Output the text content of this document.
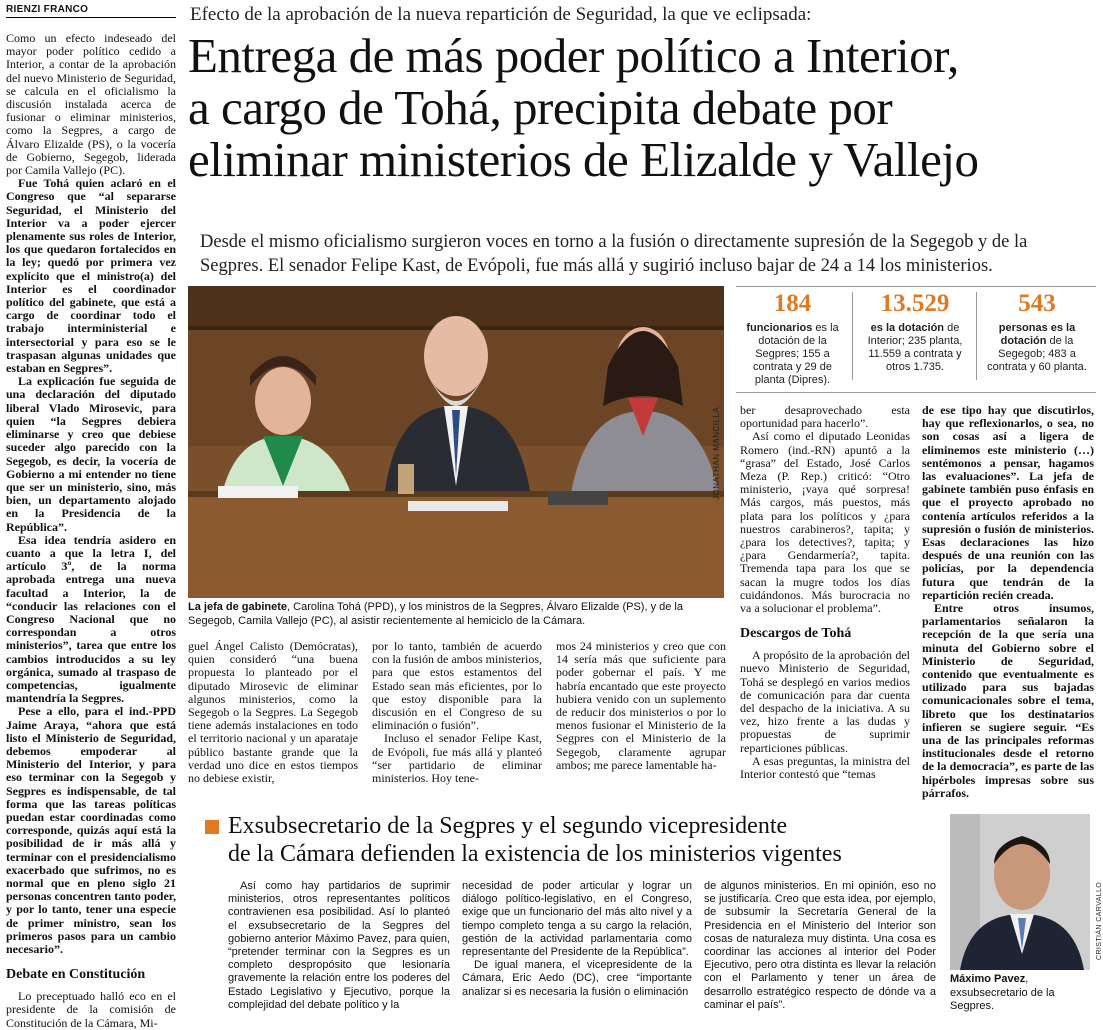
RIENZI FRANCO	Efecto de la aprobación de la nueva repartición de Seguridad, la que ve eclipsada:
Entrega de más poder político a Interior,
a cargo de Tohá, precipita debate por
eliminar ministerios de Elizalde y Vallejo
Desde el mismo oficialismo surgieron voces en torno a la fusión o directamente supresión de la Segegob y de la Segpres. El senador Felipe Kast, de Evópoli, fue más allá y sugirió incluso bajar de 24 a 14 los ministerios.

Como un efecto indeseado del mayor poder político cedido a Interior, a contar de la aprobación del nuevo Ministerio de Seguridad, se calcula en el oficialismo la discusión instalada acerca de fusionar o eliminar ministerios, como la Segpres, a cargo de Álvaro Elizalde (PS), o la vocería de Gobierno, Segegob, liderada por Camila Vallejo (PC).

Fue Tohá quien aclaró en el Congreso que “al separarse Seguridad, el Ministerio del Interior va a poder ejercer plenamente sus roles de Interior, los que quedaron fortalecidos en la ley; quedó por primera vez explícito que el ministro(a) del Interior es el coordinador político del gabinete, que está a cargo de coordinar todo el trabajo interministerial e intersectorial y para eso se le traspasan algunas unidades que estaban en Segpres”.

La explicación fue seguida de una declaración del diputado liberal Vlado Mirosevic, para quien “la Segpres debiera eliminarse y creo que debiese suceder algo parecido con la Segegob, es decir, la vocería de Gobierno a mi entender no tiene que ser un ministerio, sino, más bien, un departamento alojado en la Presidencia de la República”.

Esa idea tendría asidero en cuanto a que la letra I, del artículo 3º, de la norma aprobada entrega una nueva facultad a Interior, la de “conducir las relaciones con el Congreso Nacional que no correspondan a otros ministerios”, tarea que entre los cambios introducidos a su ley orgánica, sumado al traspaso de competencias, igualmente mantendría la Segpres.

Pese a ello, para el ind.-PPD Jaime Araya, “ahora que está listo el Ministerio de Seguridad, debemos empoderar al Ministerio del Interior, y para eso terminar con la Segegob y Segpres es indispensable, de tal forma que las tareas políticas puedan estar coordinadas como corresponde, quizás aquí está la posibilidad de ir más allá y terminar con el presidencialismo exacerbado que sufrimos, no es normal que en pleno siglo 21 personas concentren tanto poder, y por lo tanto, tener una especie de primer ministro, sean los primeros pasos para un cambio necesario”.

Debate en Constitución

Lo preceptuado halló eco en el presidente de la comisión de Constitución de la Cámara, Mi-

JONATHAN MANCILLA
La jefa de gabinete, Carolina Tohá (PPD), y los ministros de la Segpres, Álvaro Elizalde (PS), y de la Segegob, Camila Vallejo (PC), al asistir recientemente al hemiciclo de la Cámara.
184
funcionarios es la dotación de la Segpres; 155 a contrata y 29 de planta (Dipres).
13.529
es la dotación de Interior; 235 planta, 11.559 a contrata y otros 1.735.
543
personas es la dotación de la Segegob; 483 a contrata y 60 planta.

guel Ángel Calisto (Demócratas), quien consideró “una buena propuesta lo planteado por el diputado Mirosevic de eliminar algunos ministerios, como la Segegob o la Segpres. La Segegob tiene además instalaciones en todo el territorio nacional y un aparataje público bastante grande que la verdad uno dice en estos tiempos no debiese existir,

por lo tanto, también de acuerdo con la fusión de ambos ministerios, para que estos estamentos del Estado sean más eficientes, por lo que estoy disponible para la discusión en el Congreso de su eliminación o fusión”.

Incluso el senador Felipe Kast, de Evópoli, fue más allá y planteó “ser partidario de eliminar ministerios. Hoy tene-

mos 24 ministerios y creo que con 14 sería más que suficiente para poder gobernar el país. Y me habría encantado que este proyecto hubiera venido con un suplemento de reducir dos ministerios o por lo menos fusionar el Ministerio de la Segpres con el Ministerio de la Segegob, claramente agrupar ambos; me parece lamentable ha-

ber desaprovechado esta oportunidad para hacerlo”.

Así como el diputado Leonidas Romero (ind.-RN) apuntó a la “grasa” del Estado, José Carlos Meza (P. Rep.) criticó: “Otro ministerio, ¡vaya qué sorpresa! Más cargos, más puestos, más plata para los políticos y ¿para nuestros carabineros?, tapita; y ¿para los detectives?, tapita; y ¿para Gendarmería?, tapita. Tremenda tapa para los que se sacan la mugre todos los días cuidándonos. Más burocracia no va a solucionar el problema”.

Descargos de Tohá

A propósito de la aprobación del nuevo Ministerio de Seguridad, Tohá se desplegó en varios medios de comunicación para dar cuenta del despacho de la iniciativa. A su vez, hizo frente a las dudas y propuestas de suprimir reparticiones públicas.

A esas preguntas, la ministra del Interior contestó que “temas

de ese tipo hay que discutirlos, hay que reflexionarlos, o sea, no son cosas así a ligera de eliminemos este ministerio (…) sentémonos a pensar, hagamos las evaluaciones”. La jefa de gabinete también puso énfasis en que el proyecto aprobado no contenía artículos referidos a la supresión o fusión de ministerios. Esas declaraciones las hizo después de una reunión con las policías, por la dependencia futura que tendrán de la repartición recién creada.

Entre otros insumos, parlamentarios señalaron la recepción de la que sería una minuta del Gobierno sobre el Ministerio de Seguridad, contenido que eventualmente es utilizado para sus bajadas comunicacionales sobre el tema, libreto que los destinatarios infieren se sugiere seguir. “Es una de las principales reformas institucionales desde el retorno de la democracia”, es parte de las hipérboles impresas sobre sus párrafos.

Exsubsecretario de la Segpres y el segundo vicepresidente
de la Cámara defienden la existencia de los ministerios vigentes

Así como hay partidarios de suprimir ministerios, otros representantes políticos contravienen esa posibilidad. Así lo planteó el exsubsecretario de la Segpres del gobierno anterior Máximo Pavez, para quien, “pretender terminar con la Segpres es un completo despropósito que lesionaría gravemente la relación entre los poderes del Estado Legislativo y Ejecutivo, porque la complejidad del debate político y la

necesidad de poder articular y lograr un diálogo político-legislativo, en el Congreso, exige que un funcionario del más alto nivel y a tiempo completo tenga a su cargo la relación, gestión de la actividad parlamentaria como representante del Presidente de la República”.

De igual manera, el vicepresidente de la Cámara, Eric Aedo (DC), cree “importante analizar si es necesaria la fusión o eliminación

de algunos ministerios. En mi opinión, eso no se justificaría. Creo que esta idea, por ejemplo, de subsumir la Secretaría General de la Presidencia en el Ministerio del Interior son cosas de naturaleza muy distinta. Una cosa es coordinar las acciones al interior del Poder Ejecutivo, pero otra distinta es llevar la relación con el Parlamento y tener un área de desarrollo estratégico respecto de dónde va a caminar el país”.

CRISTIÁN CARVALLO
Máximo Pavez, exsubsecretario de la Segpres.
